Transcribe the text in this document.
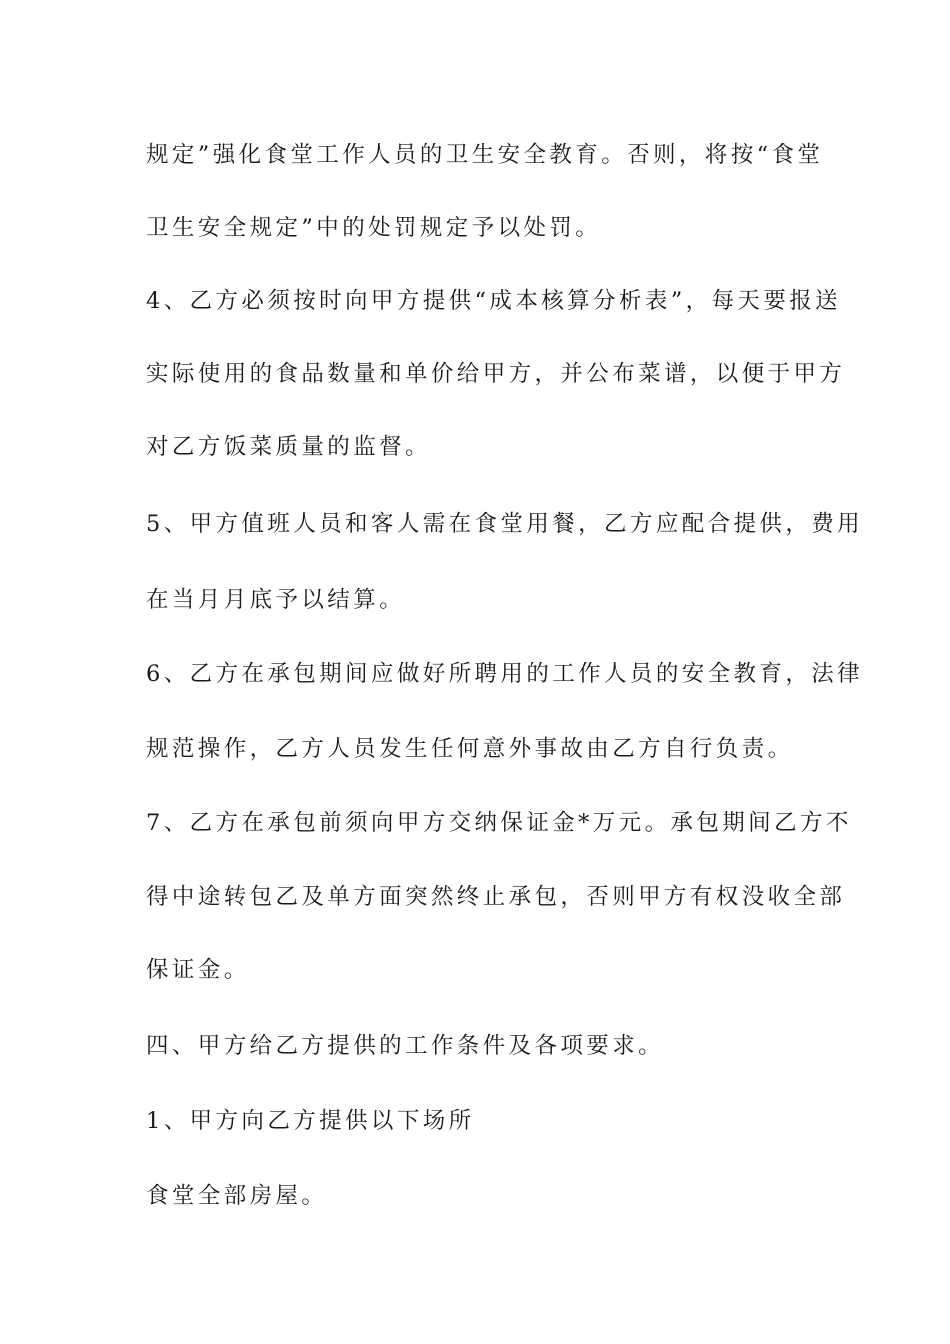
规定”强化食堂工作人员的卫生安全教育。否则，将按“食堂
卫生安全规定”中的处罚规定予以处罚。
4、乙方必须按时向甲方提供“成本核算分析表”，每天要报送
实际使用的食品数量和单价给甲方，并公布菜谱，以便于甲方
对乙方饭菜质量的监督。
5、甲方值班人员和客人需在食堂用餐，乙方应配合提供，费用
在当月月底予以结算。
6、乙方在承包期间应做好所聘用的工作人员的安全教育，法律
规范操作，乙方人员发生任何意外事故由乙方自行负责。
7、乙方在承包前须向甲方交纳保证金*万元。承包期间乙方不
得中途转包乙及单方面突然终止承包，否则甲方有权没收全部
保证金。
四、甲方给乙方提供的工作条件及各项要求。
1、甲方向乙方提供以下场所
食堂全部房屋。
